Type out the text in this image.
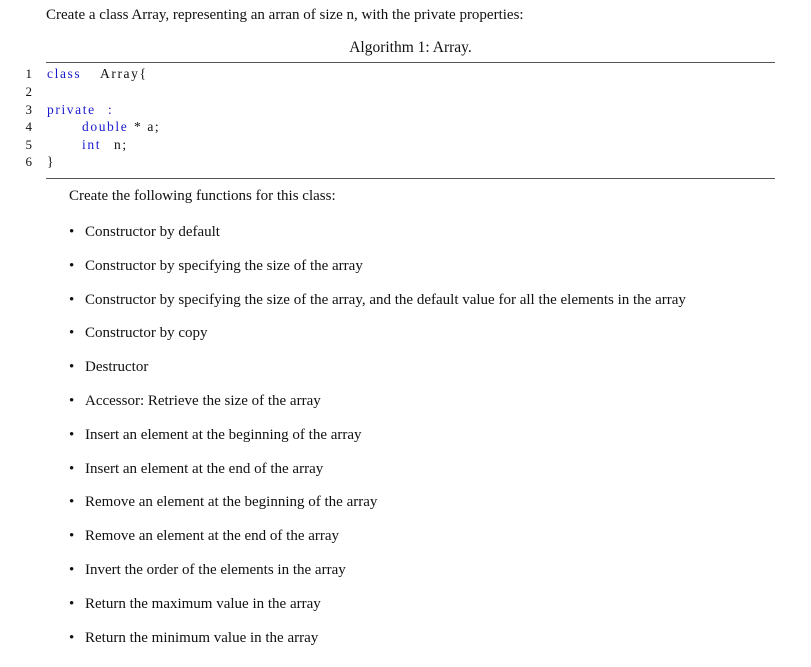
Create a class Array, representing an arran of size n, with the private properties:
Algorithm 1: Array.
1 class Array{
2
3 private :
4	double * a;
5	int n;
6 }
Create the following functions for this class:
• Constructor by default
• Constructor by specifying the size of the array
• Constructor by specifying the size of the array, and the default value for all the elements in the array
• Constructor by copy
• Destructor
• Accessor: Retrieve the size of the array
• Insert an element at the beginning of the array
• Insert an element at the end of the array
• Remove an element at the beginning of the array
• Remove an element at the end of the array
• Invert the order of the elements in the array
• Return the maximum value in the array
• Return the minimum value in the array
